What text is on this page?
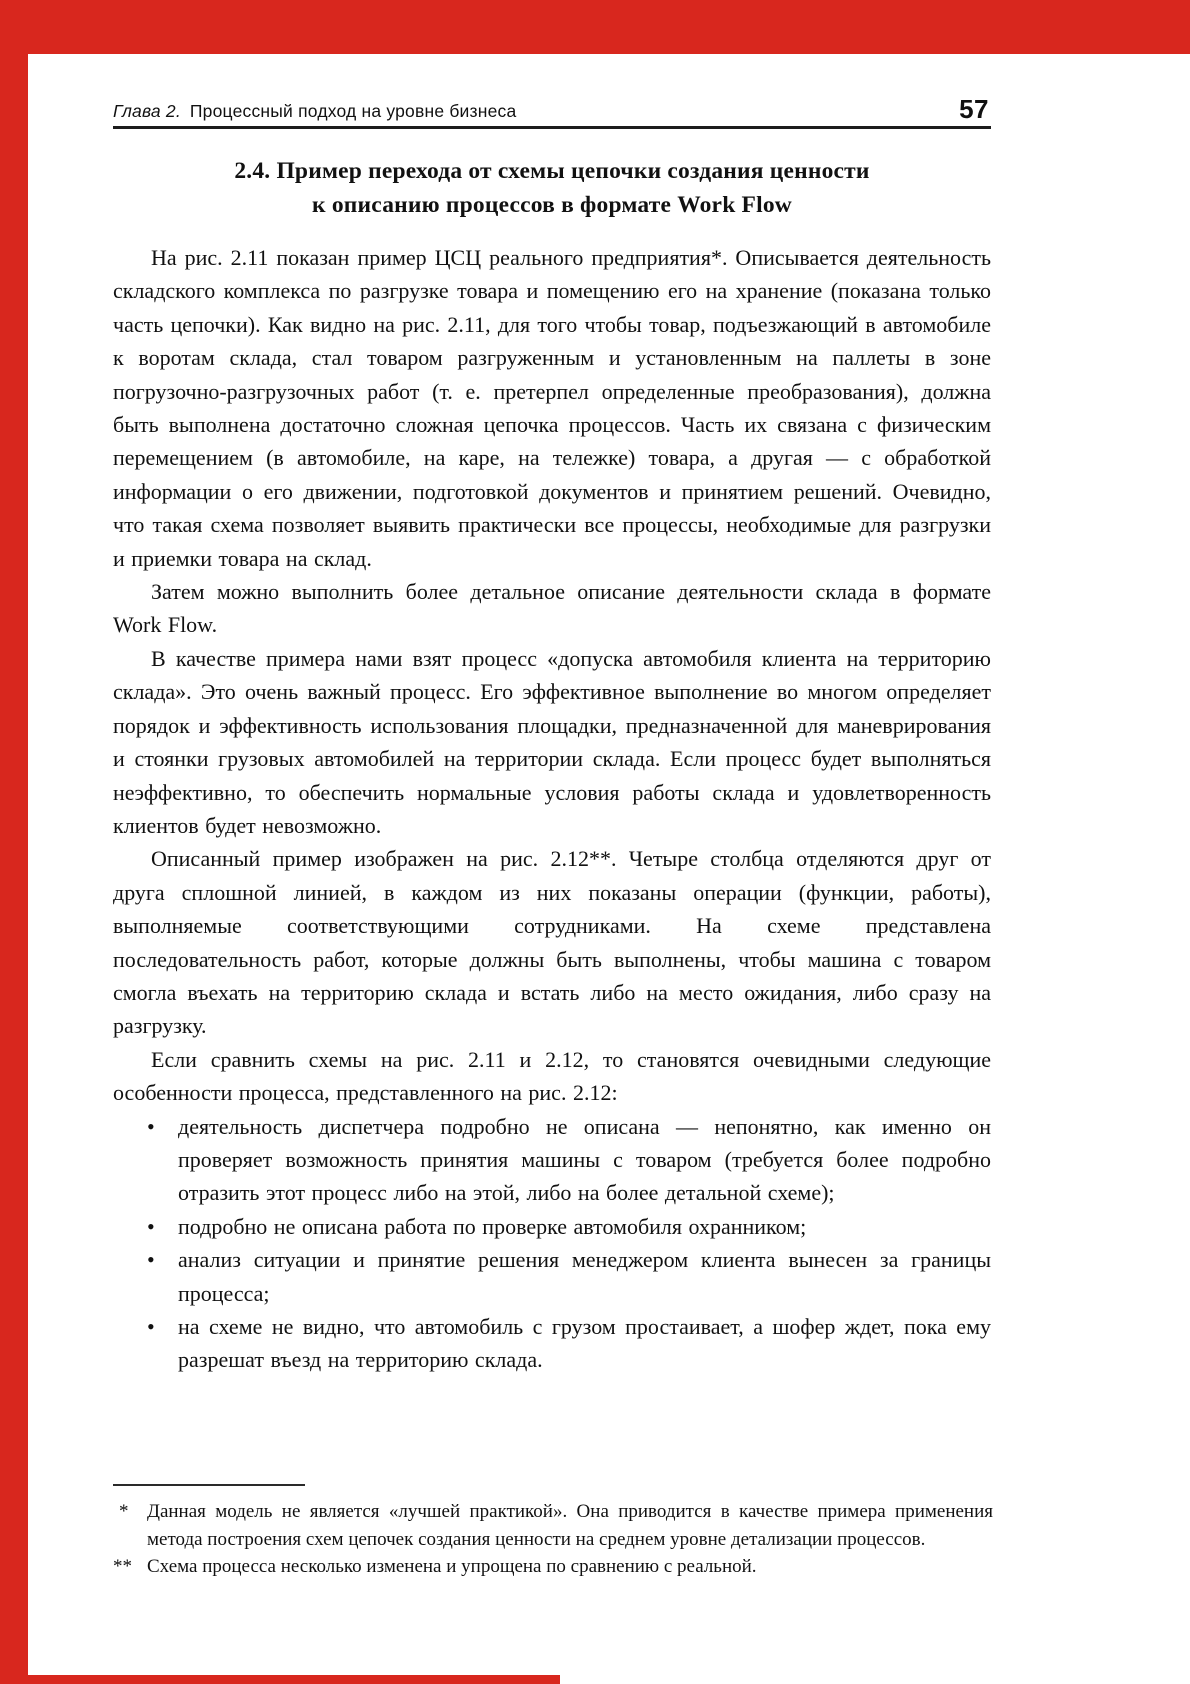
Глава 2. Процессный подход на уровне бизнеса	57
2.4. Пример перехода от схемы цепочки создания ценности
к описанию процессов в формате Work Flow

На рис. 2.11 показан пример ЦСЦ реального предприятия*. Описывается деятельность складского комплекса по разгрузке товара и помещению его на хранение (показана только часть цепочки). Как видно на рис. 2.11, для того чтобы товар, подъезжающий в автомобиле к воротам склада, стал товаром разгруженным и установленным на паллеты в зоне погрузочно-разгрузочных работ (т. е. претерпел определенные преобразования), должна быть выполнена достаточно сложная цепочка процессов. Часть их связана с физическим перемещением (в автомобиле, на каре, на тележке) товара, а другая — с обработкой информации о его движении, подготовкой документов и принятием решений. Очевидно, что такая схема позволяет выявить практически все процессы, необходимые для разгрузки и приемки товара на склад.

Затем можно выполнить более детальное описание деятельности склада в формате Work Flow.

В качестве примера нами взят процесс «допуска автомобиля клиента на территорию склада». Это очень важный процесс. Его эффективное выполнение во многом определяет порядок и эффективность использования площадки, предназначенной для маневрирования и стоянки грузовых автомобилей на территории склада. Если процесс будет выполняться неэффективно, то обеспечить нормальные условия работы склада и удовлетворенность клиентов будет невозможно.

Описанный пример изображен на рис. 2.12**. Четыре столбца отделяются друг от друга сплошной линией, в каждом из них показаны операции (функции, работы), выполняемые соответствующими сотрудниками. На схеме представлена последовательность работ, которые должны быть выполнены, чтобы машина с товаром смогла въехать на территорию склада и встать либо на место ожидания, либо сразу на разгрузку.

Если сравнить схемы на рис. 2.11 и 2.12, то становятся очевидными следующие особенности процесса, представленного на рис. 2.12:

• деятельность диспетчера подробно не описана — непонятно, как именно он проверяет возможность принятия машины с товаром (требуется более подробно отразить этот процесс либо на этой, либо на более детальной схеме);
• подробно не описана работа по проверке автомобиля охранником;
• анализ ситуации и принятие решения менеджером клиента вынесен за границы процесса;
• на схеме не видно, что автомобиль с грузом простаивает, а шофер ждет, пока ему разрешат въезд на территорию склада.
* Данная модель не является «лучшей практикой». Она приводится в качестве примера применения метода построения схем цепочек создания ценности на среднем уровне детализации процессов.
** Схема процесса несколько изменена и упрощена по сравнению с реальной.
